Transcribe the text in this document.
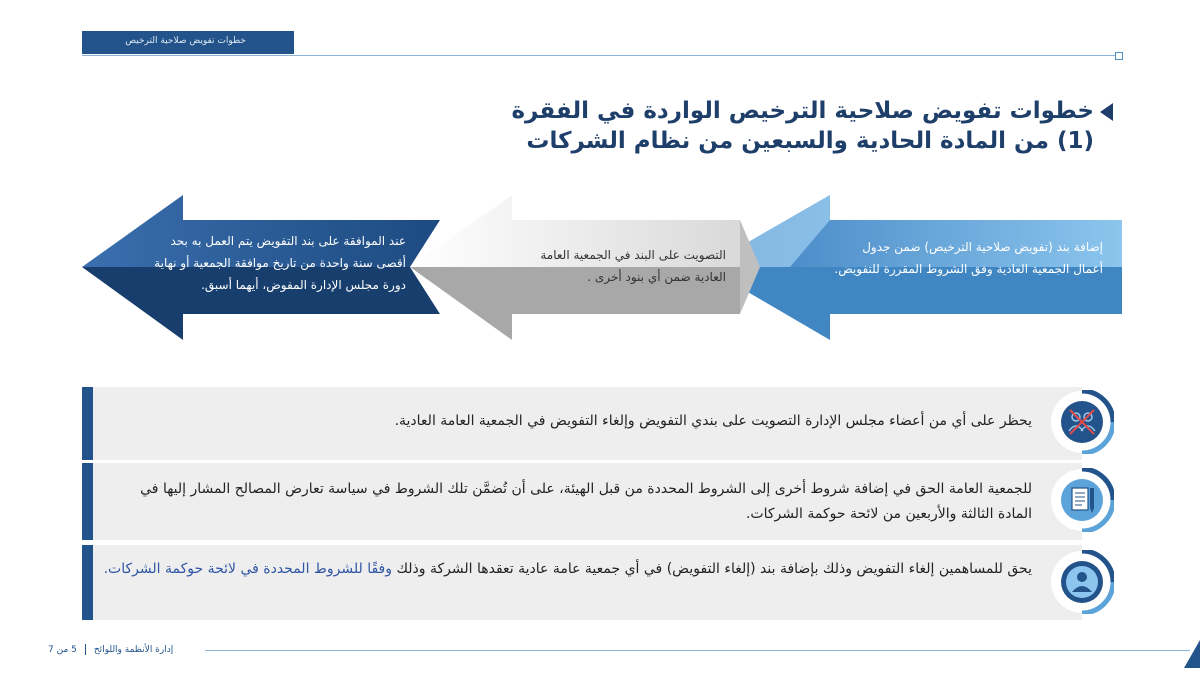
خطوات تفويض صلاحية الترخيص
خطوات تفويض صلاحية الترخيص الواردة في الفقرة
(1) من المادة الحادية والسبعين من نظام الشركات
إضافة بند (تفويض صلاحية الترخيص) ضمن جدول أعمال الجمعية العادية وفق الشروط المقررة للتفويض.
التصويت على البند في الجمعية العامة العادية ضمن أي بنود أخرى .
عند الموافقة على بند التفويض يتم العمل به بحد أقصى سنة واحدة من تاريخ موافقة الجمعية أو نهاية دورة مجلس الإدارة المفوض، أيهما أسبق.
يحظر على أي من أعضاء مجلس الإدارة التصويت على بندي التفويض وإلغاء التفويض في الجمعية العامة العادية.
للجمعية العامة الحق في إضافة شروط أخرى إلى الشروط المحددة من قبل الهيئة، على أن تُضمَّن تلك الشروط في سياسة تعارض المصالح المشار إليها في المادة الثالثة والأربعين من لائحة حوكمة الشركات.
يحق للمساهمين إلغاء التفويض وذلك بإضافة بند (إلغاء التفويض) في أي جمعية عامة عادية تعقدها الشركة وذلك وفقًا للشروط المحددة في لائحة حوكمة الشركات.
إدارة الأنظمة واللوائح5 من 7
